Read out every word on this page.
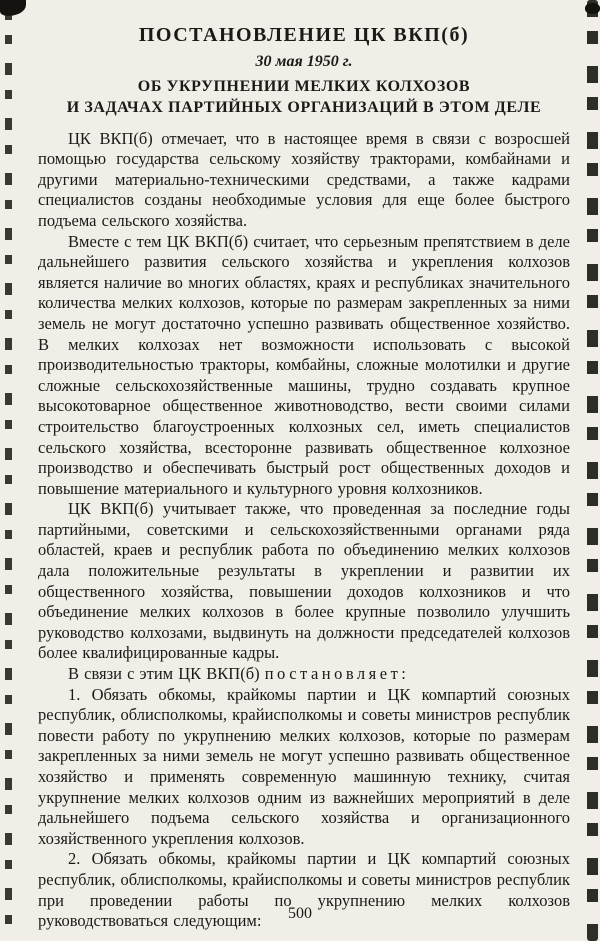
ПОСТАНОВЛЕНИЕ ЦК ВКП(б)
30 мая 1950 г.
ОБ УКРУПНЕНИИ МЕЛКИХ КОЛХОЗОВ
И ЗАДАЧАХ ПАРТИЙНЫХ ОРГАНИЗАЦИЙ В ЭТОМ ДЕЛЕ

ЦК ВКП(б) отмечает, что в настоящее время в связи с возросшей помощью государства сельскому хозяйству тракторами, комбайнами и другими материально-техническими средствами, а также кадрами специалистов созданы необходимые условия для еще более быстрого подъема сельского хозяйства.

Вместе с тем ЦК ВКП(б) считает, что серьезным препятствием в деле дальнейшего развития сельского хозяйства и укрепления колхозов является наличие во многих областях, краях и республиках значительного количества мелких колхозов, которые по размерам закрепленных за ними земель не могут достаточно успешно развивать общественное хозяйство. В мелких колхозах нет возможности использовать с высокой производительностью тракторы, комбайны, сложные молотилки и другие сложные сельскохозяйственные машины, трудно создавать крупное высокотоварное общественное животноводство, вести своими силами строительство благоустроенных колхозных сел, иметь специалистов сельского хозяйства, всесторонне развивать общественное колхозное производство и обеспечивать быстрый рост общественных доходов и повышение материального и культурного уровня колхозников.

ЦК ВКП(б) учитывает также, что проведенная за последние годы партийными, советскими и сельскохозяйственными органами ряда областей, краев и республик работа по объединению мелких колхозов дала положительные результаты в укреплении и развитии их общественного хозяйства, повышении доходов колхозников и что объединение мелких колхозов в более крупные позволило улучшить руководство колхозами, выдвинуть на должности председателей колхозов более квалифицированные кадры.

В связи с этим ЦК ВКП(б) постановляет:

1. Обязать обкомы, крайкомы партии и ЦК компартий союзных республик, облисполкомы, крайисполкомы и советы министров республик повести работу по укрупнению мелких колхозов, которые по размерам закрепленных за ними земель не могут успешно развивать общественное хозяйство и применять современную машинную технику, считая укрупнение мелких колхозов одним из важнейших мероприятий в деле дальнейшего подъема сельского хозяйства и организационного хозяйственного укрепления колхозов.

2. Обязать обкомы, крайкомы партии и ЦК компартий союзных республик, облисполкомы, крайисполкомы и советы министров республик при проведении работы по укрупнению мелких колхозов руководствоваться следующим:	500
